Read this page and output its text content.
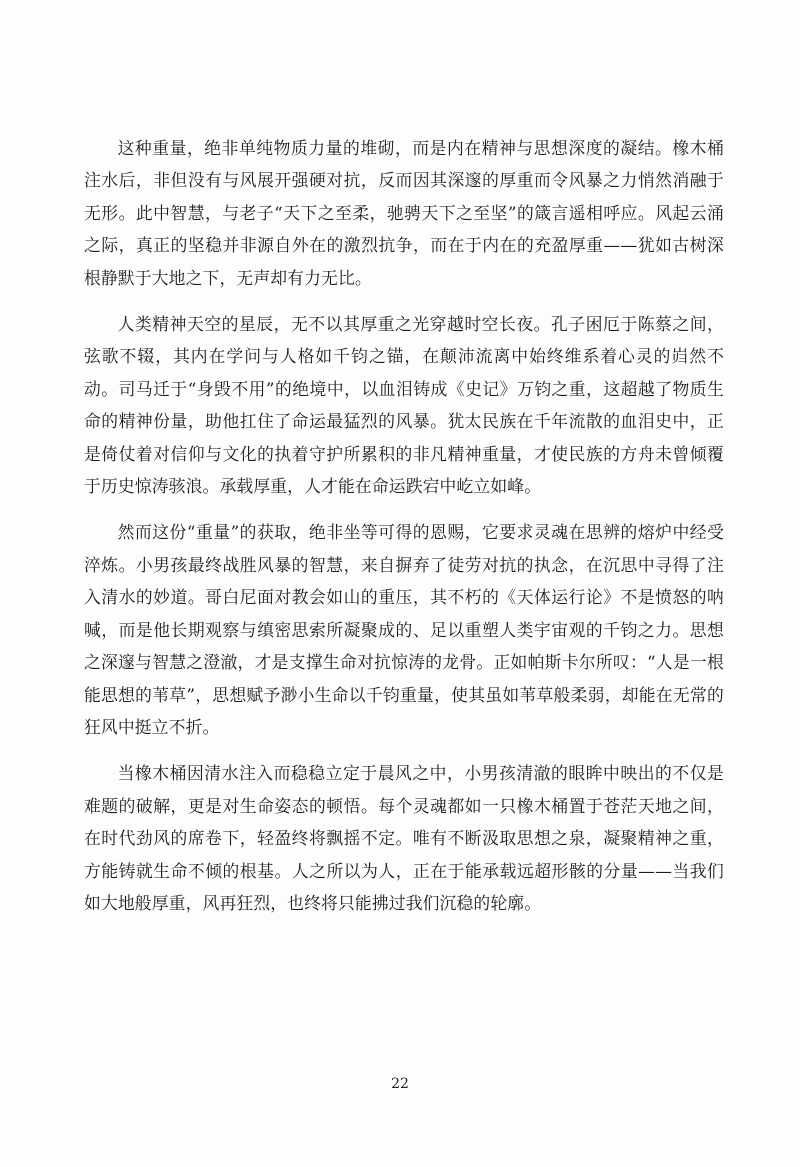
这种重量，绝非单纯物质力量的堆砌，而是内在精神与思想深度的凝结。橡木桶注水后，非但没有与风展开强硬对抗，反而因其深邃的厚重而令风暴之力悄然消融于无形。此中智慧，与老子“天下之至柔，驰骋天下之至坚”的箴言遥相呼应。风起云涌之际，真正的坚稳并非源自外在的激烈抗争，而在于内在的充盈厚重——犹如古树深根静默于大地之下，无声却有力无比。

人类精神天空的星辰，无不以其厚重之光穿越时空长夜。孔子困厄于陈蔡之间，弦歌不辍，其内在学问与人格如千钧之锚，在颠沛流离中始终维系着心灵的岿然不动。司马迁于“身毁不用”的绝境中，以血泪铸成《史记》万钧之重，这超越了物质生命的精神份量，助他扛住了命运最猛烈的风暴。犹太民族在千年流散的血泪史中，正是倚仗着对信仰与文化的执着守护所累积的非凡精神重量，才使民族的方舟未曾倾覆于历史惊涛骇浪。承载厚重，人才能在命运跌宕中屹立如峰。

然而这份“重量”的获取，绝非坐等可得的恩赐，它要求灵魂在思辨的熔炉中经受淬炼。小男孩最终战胜风暴的智慧，来自摒弃了徒劳对抗的执念，在沉思中寻得了注入清水的妙道。哥白尼面对教会如山的重压，其不朽的《天体运行论》不是愤怒的呐喊，而是他长期观察与缜密思索所凝聚成的、足以重塑人类宇宙观的千钧之力。思想之深邃与智慧之澄澈，才是支撑生命对抗惊涛的龙骨。正如帕斯卡尔所叹：“人是一根能思想的苇草”，思想赋予渺小生命以千钧重量，使其虽如苇草般柔弱，却能在无常的狂风中挺立不折。

当橡木桶因清水注入而稳稳立定于晨风之中，小男孩清澈的眼眸中映出的不仅是难题的破解，更是对生命姿态的顿悟。每个灵魂都如一只橡木桶置于苍茫天地之间，在时代劲风的席卷下，轻盈终将飘摇不定。唯有不断汲取思想之泉，凝聚精神之重，方能铸就生命不倾的根基。人之所以为人，正在于能承载远超形骸的分量——当我们如大地般厚重，风再狂烈，也终将只能拂过我们沉稳的轮廓。

22
